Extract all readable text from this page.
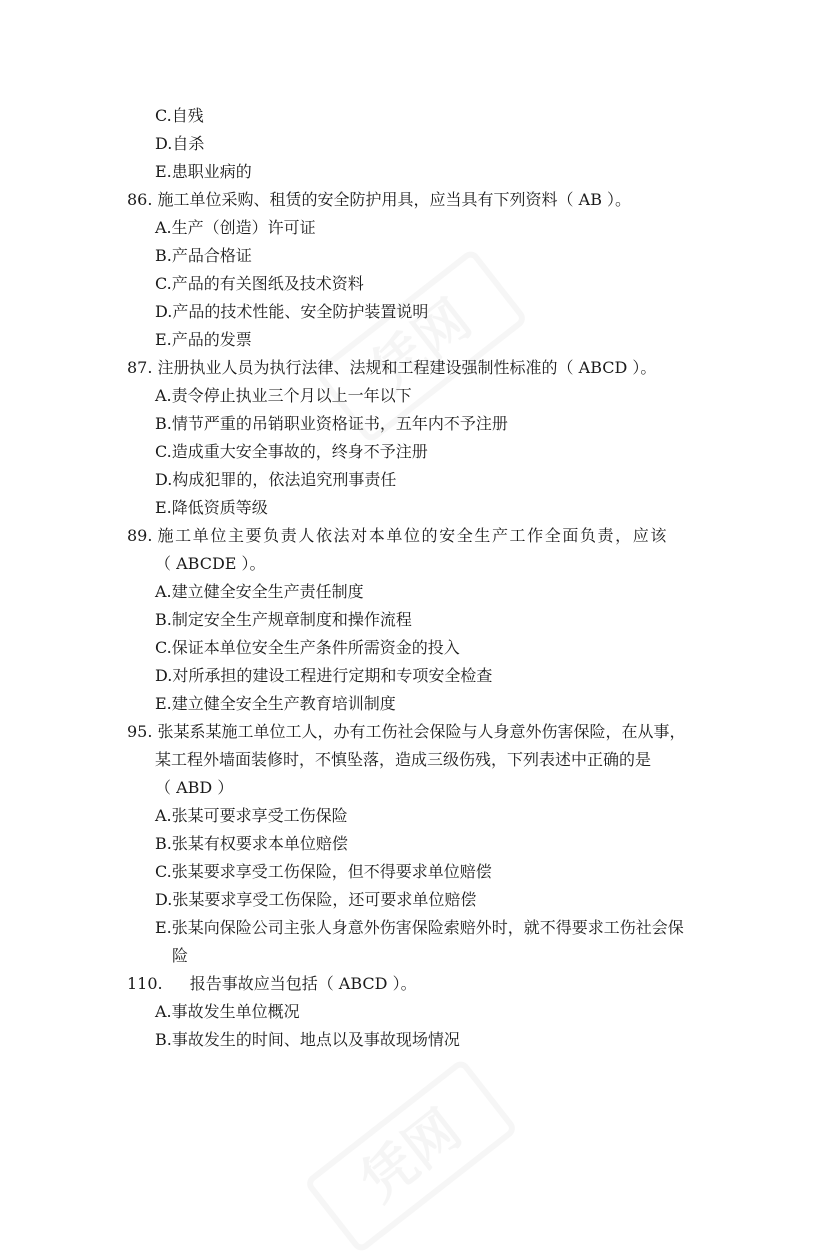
C.自残
D.自杀
E.患职业病的
86. 施工单位采购、租赁的安全防护用具，应当具有下列资料（ AB ）。
A.生产（创造）许可证
B.产品合格证
C.产品的有关图纸及技术资料
D.产品的技术性能、安全防护装置说明
E.产品的发票
87. 注册执业人员为执行法律、法规和工程建设强制性标准的（ ABCD ）。
A.责令停止执业三个月以上一年以下
B.情节严重的吊销职业资格证书，五年内不予注册
C.造成重大安全事故的，终身不予注册
D.构成犯罪的，依法追究刑事责任
E.降低资质等级
89. 施工单位主要负责人依法对本单位的安全生产工作全面负责，应该
（ ABCDE ）。
A.建立健全安全生产责任制度
B.制定安全生产规章制度和操作流程
C.保证本单位安全生产条件所需资金的投入
D.对所承担的建设工程进行定期和专项安全检查
E.建立健全安全生产教育培训制度
95. 张某系某施工单位工人，办有工伤社会保险与人身意外伤害保险，在从事，
某工程外墙面装修时，不慎坠落，造成三级伤残，下列表述中正确的是
（ ABD ）
A.张某可要求享受工伤保险
B.张某有权要求本单位赔偿
C.张某要求享受工伤保险，但不得要求单位赔偿
D.张某要求享受工伤保险，还可要求单位赔偿
E.张某向保险公司主张人身意外伤害保险索赔外时，就不得要求工伤社会保
险
110. 报告事故应当包括（ ABCD ）。
A.事故发生单位概况
B.事故发生的时间、地点以及事故现场情况
